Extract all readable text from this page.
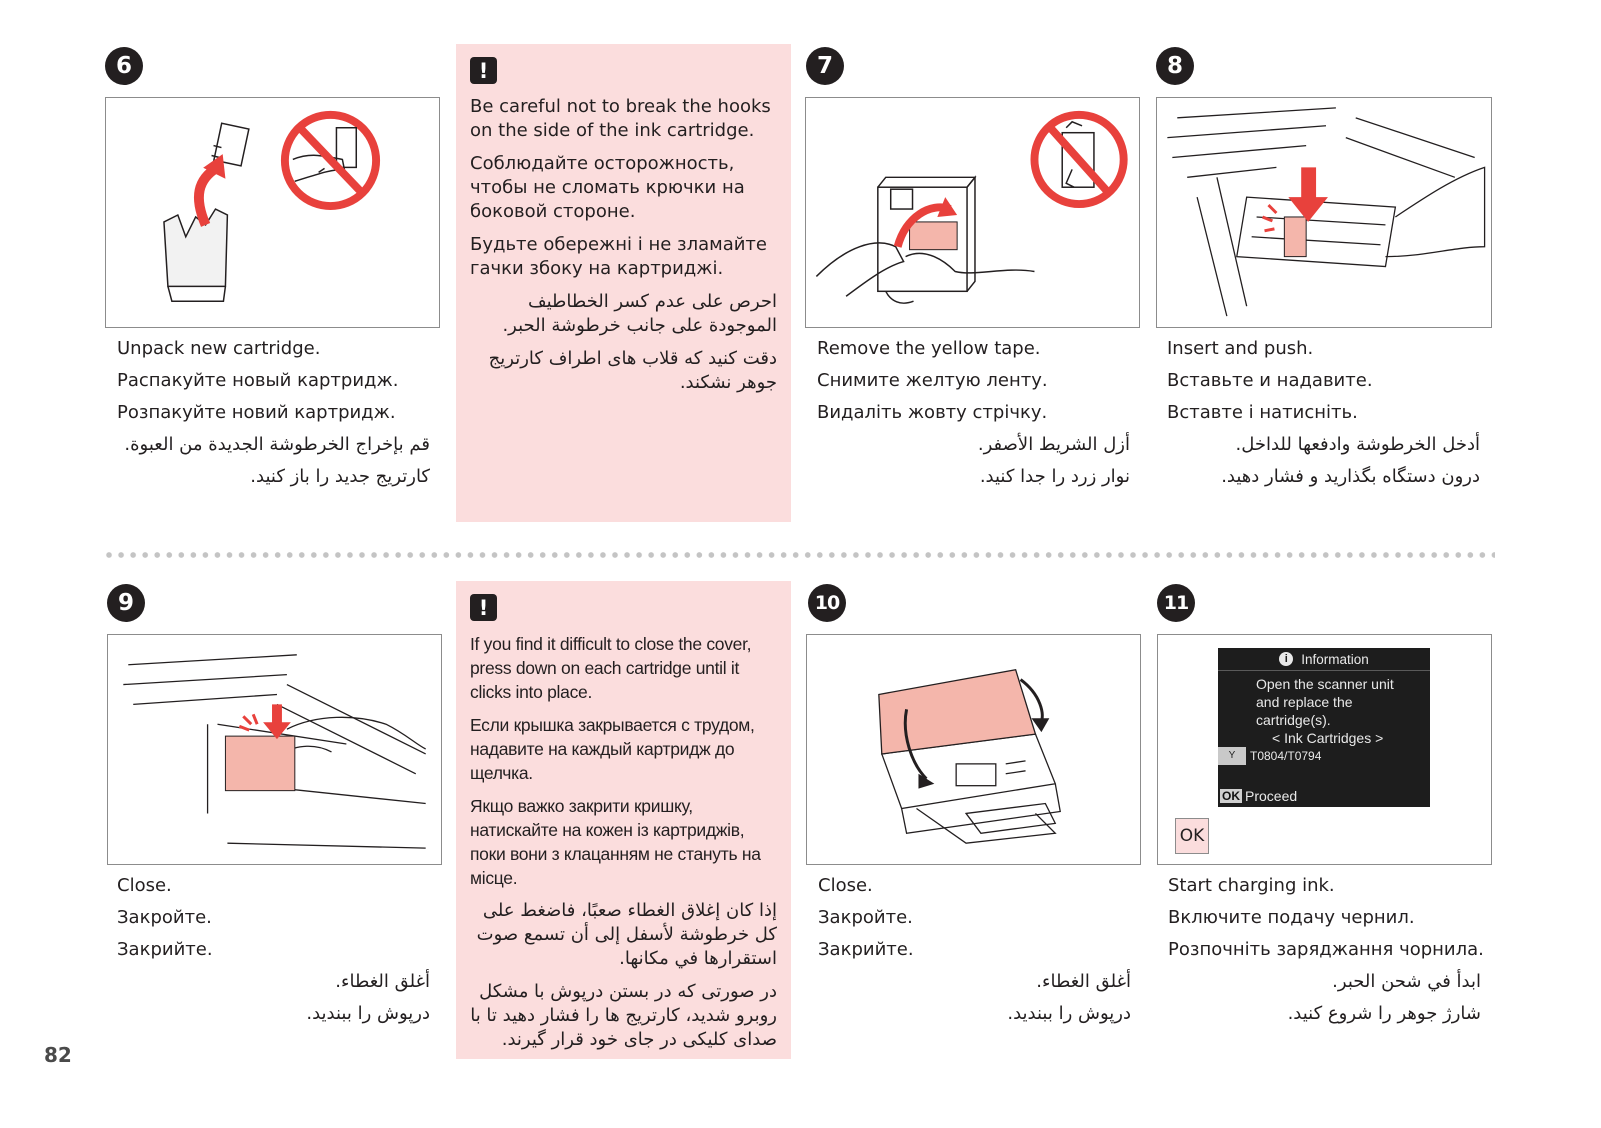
6
Unpack new cartridge.
Распакуйте новый картридж.
Розпакуйте новий картридж.
قم بإخراج الخرطوشة الجديدة من العبوة.
کارتریج جدید را باز کنید.
!

Be careful not to break the hooks on the side of the ink cartridge.

Соблюдайте осторожность, чтобы не сломать крючки на боковой стороне.

Будьте обережні і не зламайте гачки збоку на картриджі.

احرص على عدم كسر الخطاطيف الموجودة على جانب خرطوشة الحبر.

دقت کنید که قلاب های اطراف کارتریج جوهر نشکند.

7
Remove the yellow tape.
Снимите желтую ленту.
Видаліть жовту стрічку.
أزل الشريط الأصفر.
نوار زرد را جدا کنید.
8
Insert and push.
Вставьте и надавите.
Вставте і натисніть.
أدخل الخرطوشة وادفعها للداخل.
درون دستگاه بگذارید و فشار دهید.
9
Close.
Закройте.
Закрийте.
أغلق الغطاء.
درپوش را ببندید.
!

If you find it difficult to close the cover, press down on each cartridge until it clicks into place.

Если крышка закрывается с трудом, надавите на каждый картридж до щелчка.

Якщо важко закрити кришку, натискайте на кожен із картриджів, поки вони з клацанням не стануть на місце.

إذا كان إغلاق الغطاء صعبًا، فاضغط على كل خرطوشة لأسفل إلى أن تسمع صوت استقرارها في مكانها.

در صورتی که در بستن درپوش با مشکل روبرو شدید، کارتریج ها را فشار دهید تا با صدای کلیکی در جای خود قرار گیرند.

10
Close.
Закройте.
Закрийте.
أغلق الغطاء.
درپوش را ببندید.
11
i Information
Open the scanner unit
and replace the
cartridge(s).
< Ink Cartridges >
Y	T0804/T0794
OK Proceed
OK
Start charging ink.
Включите подачу чернил.
Розпочніть заряджання чорнила.
ابدأ في شحن الحبر.
شارژ جوهر را شروع کنید.
82
